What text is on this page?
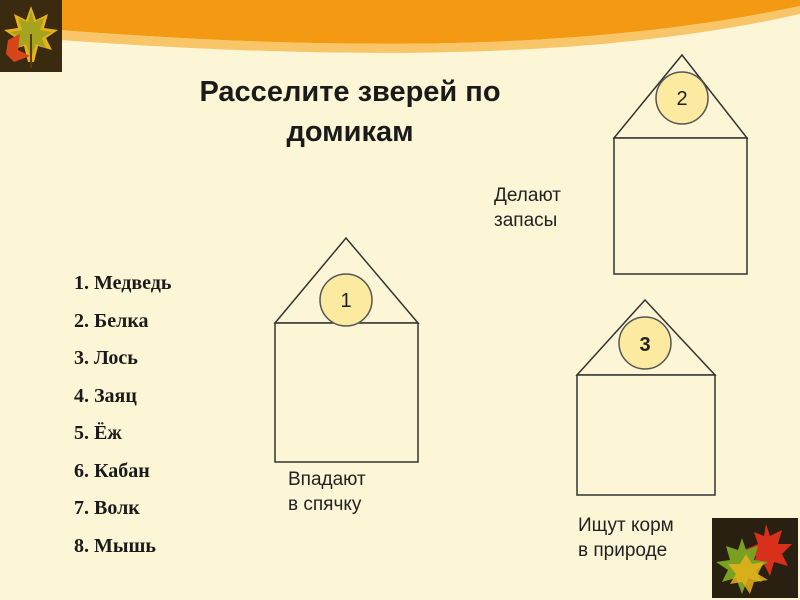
Расселите зверей по
домикам
1. Медведь
2. Белка
3. Лось
4. Заяц
5. Ёж
6. Кабан
7. Волк
8. Мышь
1
2
3
Впадают
в спячку
Делают
запасы
Ищут корм
в природе
